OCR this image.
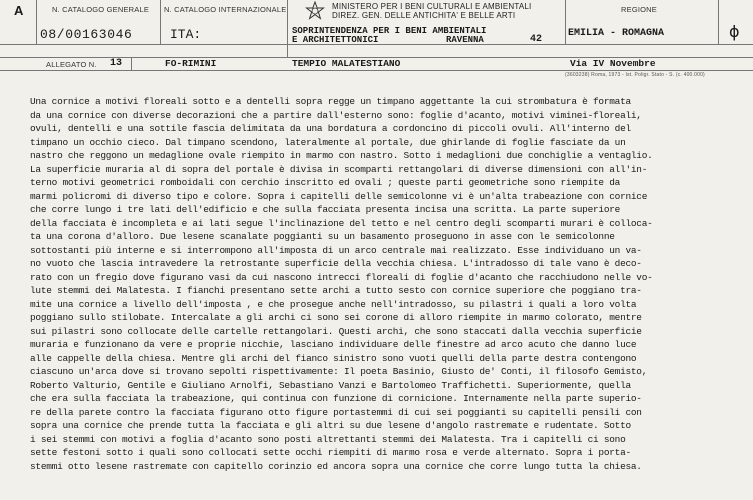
A	N. CATALOGO GENERALE
08/00163046
N. CATALOGO INTERNAZIONALE
ITA:
MINISTERO PER I BENI CULTURALI E AMBIENTALI
DIREZ. GEN. DELLE ANTICHITA' E BELLE ARTI
REGIONE
SOPRINTENDENZA PER I BENI AMBIENTALI
E ARCHITETTONICI	RAVENNA	42
EMILIA - ROMAGNA	ϕ
ALLEGATO N. 13	FO-RIMINI	TEMPIO MALATESTIANO	Via IV Novembre
(3603238) Roma, 1973 - Ist. Poligr. Stato - S. (c. 400.000)

Una cornice a motivi floreali sotto e a dentelli sopra regge un timpano aggettante la cui strombatura è formata

da una cornice con diverse decorazioni che a partire dall'esterno sono: foglie d'acanto, motivi viminei-floreali,

ovuli, dentelli e una sottile fascia delimitata da una bordatura a cordoncino di piccoli ovuli. All'interno del

timpano un occhio cieco. Dal timpano scendono, lateralmente al portale, due ghirlande di foglie fasciate da un

nastro che reggono un medaglione ovale riempito in marmo con nastro. Sotto i medaglioni due conchiglie a ventaglio.

La superficie muraria al di sopra del portale è divisa in scomparti rettangolari di diverse dimensioni con all'in-

terno motivi geometrici romboidali con cerchio inscritto ed ovali ; queste parti geometriche sono riempite da

marmi policromi di diverso tipo e colore. Sopra i capitelli delle semicolonne vi è un'alta trabeazione con cornice

che corre lungo i tre lati dell'edificio e che sulla facciata presenta incisa una scritta. La parte superiore

della facciata è incompleta e ai lati segue l'inclinazione del tetto e nel centro degli scomparti murari è colloca-

ta una corona d'alloro. Due lesene scanalate poggianti su un basamento proseguono in asse con le semicolonne

sottostanti più interne e si interrompono all'imposta di un arco centrale mai realizzato. Esse individuano un va-

no vuoto che lascia intravedere la retrostante superficie della vecchia chiesa. L'intradosso di tale vano è deco-

rato con un fregio dove figurano vasi da cui nascono intrecci floreali di foglie d'acanto che racchiudono nelle vo-

lute stemmi dei Malatesta. I fianchi presentano sette archi a tutto sesto con cornice superiore che poggiano tra-

mite una cornice a livello dell'imposta , e che prosegue anche nell'intradosso, su pilastri i quali a loro volta

poggiano sullo stilobate. Intercalate a gli archi ci sono sei corone di alloro riempite in marmo colorato, mentre

sui pilastri sono collocate delle cartelle rettangolari. Questi archi, che sono staccati dalla vecchia superficie

muraria e funzionano da vere e proprie nicchie, lasciano individuare delle finestre ad arco acuto che danno luce

alle cappelle della chiesa. Mentre gli archi del fianco sinistro sono vuoti quelli della parte destra contengono

ciascuno un'arca dove si trovano sepolti rispettivamente: Il poeta Basinio, Giusto de' Conti, il filosofo Gemisto,

Roberto Valturio, Gentile e Giuliano Arnolfi, Sebastiano Vanzi e Bartolomeo Traffichetti. Superiormente, quella

che era sulla facciata la trabeazione, qui continua con funzione di cornicione. Internamente nella parte superio-

re della parete contro la facciata figurano otto figure portastemmi di cui sei poggianti su capitelli pensili con

sopra una cornice che prende tutta la facciata e gli altri su due lesene d'angolo rastremate e rudentate. Sotto

i sei stemmi con motivi a foglia d'acanto sono posti altrettanti stemmi dei Malatesta. Tra i capitelli ci sono

sette festoni sotto i quali sono collocati sette occhi riempiti di marmo rosa e verde alternato. Sopra i porta-

stemmi otto lesene rastremate con capitello corinzio ed ancora sopra una cornice che corre lungo tutta la chiesa.
